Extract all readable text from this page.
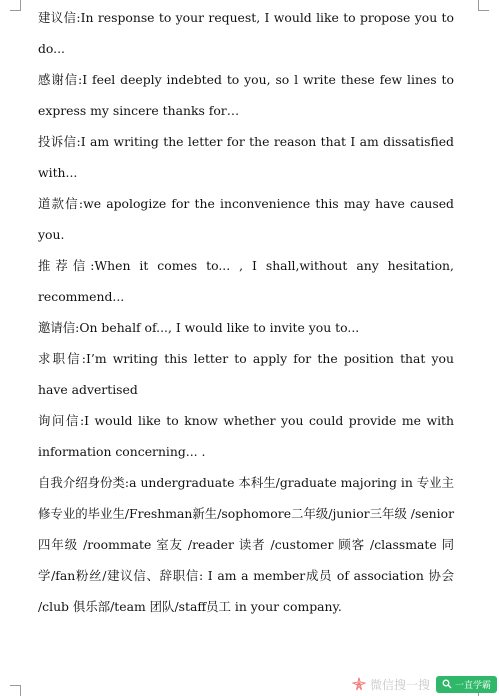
建议信:In response to your request, I would like to propose you to do...

感谢信:I feel deeply indebted to you, so l write these few lines to express my sincere thanks for…

投诉信:I am writing the letter for the reason that I am dissatisfied with...

道款信:we apologize for the inconvenience this may have caused you.

推荐信:When it comes to... , I shall,without any hesitation, recommend...

邀请信:On behalf of..., I would like to invite you to...

求职信:I’m writing this letter to apply for the position that you have advertised

询问信:I would like to know whether you could provide me with information concerning... .

自我介绍身份类:a undergraduate 本科生/graduate majoring in 专业主修专业的毕业生/Freshman新生/sophomore二年级/junior三年级 /senior 四年级 /roommate 室友 /reader 读者 /customer 顾客 /classmate 同学/fan粉丝/建议信、辞职信: I am a member成员 of association 协会 /club 俱乐部/team 团队/staff员工 in your company.

微信搜一搜	一直学霸
